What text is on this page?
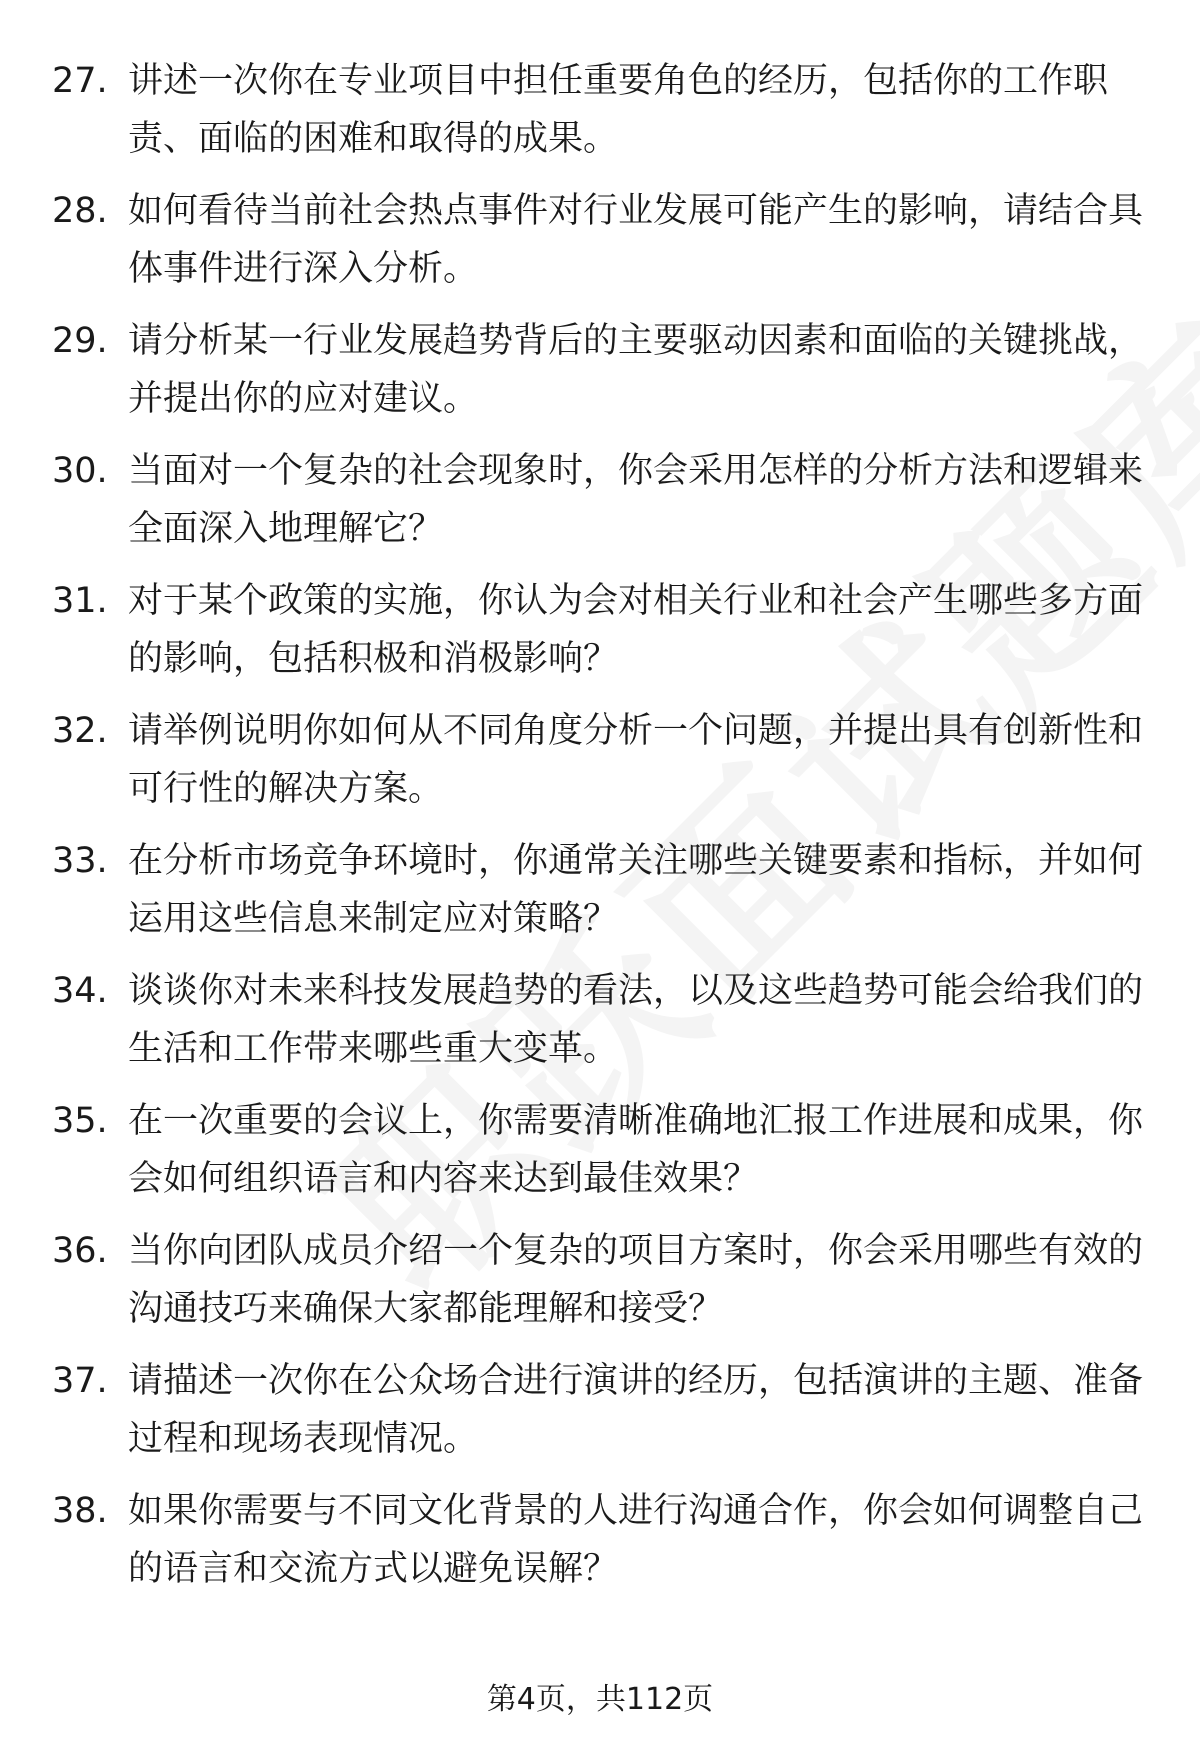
27. 讲述一次你在专业项目中担任重要角色的经历，包括你的工作职责、面临的困难和取得的成果。
28. 如何看待当前社会热点事件对行业发展可能产生的影响，请结合具体事件进行深入分析。
29. 请分析某一行业发展趋势背后的主要驱动因素和面临的关键挑战，并提出你的应对建议。
30. 当面对一个复杂的社会现象时，你会采用怎样的分析方法和逻辑来全面深入地理解它？
31. 对于某个政策的实施，你认为会对相关行业和社会产生哪些多方面的影响，包括积极和消极影响？
32. 请举例说明你如何从不同角度分析一个问题，并提出具有创新性和可行性的解决方案。
33. 在分析市场竞争环境时，你通常关注哪些关键要素和指标，并如何运用这些信息来制定应对策略？
34. 谈谈你对未来科技发展趋势的看法，以及这些趋势可能会给我们的生活和工作带来哪些重大变革。
35. 在一次重要的会议上，你需要清晰准确地汇报工作进展和成果，你会如何组织语言和内容来达到最佳效果？
36. 当你向团队成员介绍一个复杂的项目方案时，你会采用哪些有效的沟通技巧来确保大家都能理解和接受？
37. 请描述一次你在公众场合进行演讲的经历，包括演讲的主题、准备过程和现场表现情况。
38. 如果你需要与不同文化背景的人进行沟通合作，你会如何调整自己的语言和交流方式以避免误解？
第4页，共112页
